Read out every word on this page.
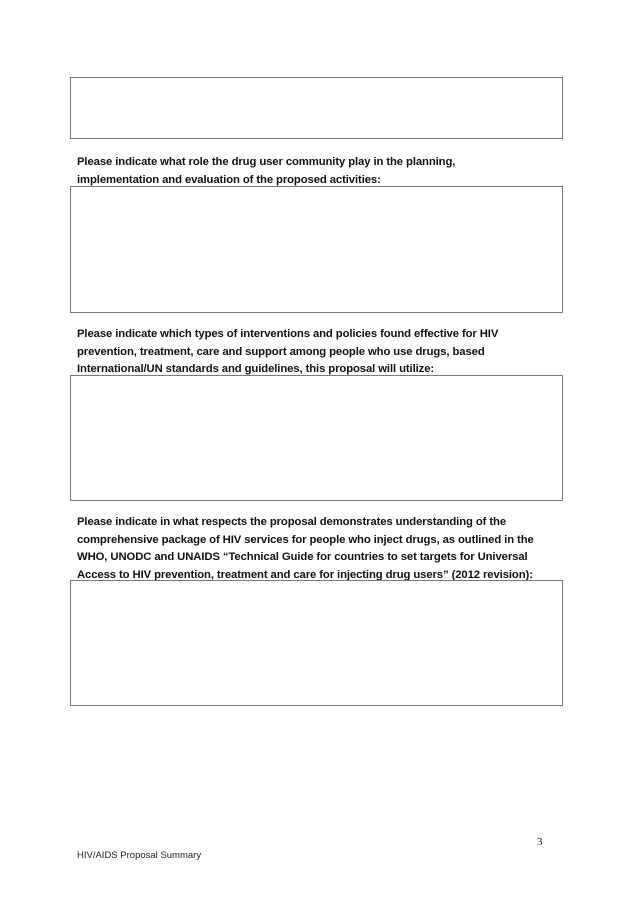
Please indicate what role the drug user community play in the planning,
implementation and evaluation of the proposed activities:
Please indicate which types of interventions and policies found effective for HIV
prevention, treatment, care and support among people who use drugs, based
International/UN standards and guidelines, this proposal will utilize:
Please indicate in what respects the proposal demonstrates understanding of the
comprehensive package of HIV services for people who inject drugs, as outlined in the
WHO, UNODC and UNAIDS “Technical Guide for countries to set targets for Universal
Access to HIV prevention, treatment and care for injecting drug users” (2012 revision):
3
HIV/AIDS Proposal Summary
